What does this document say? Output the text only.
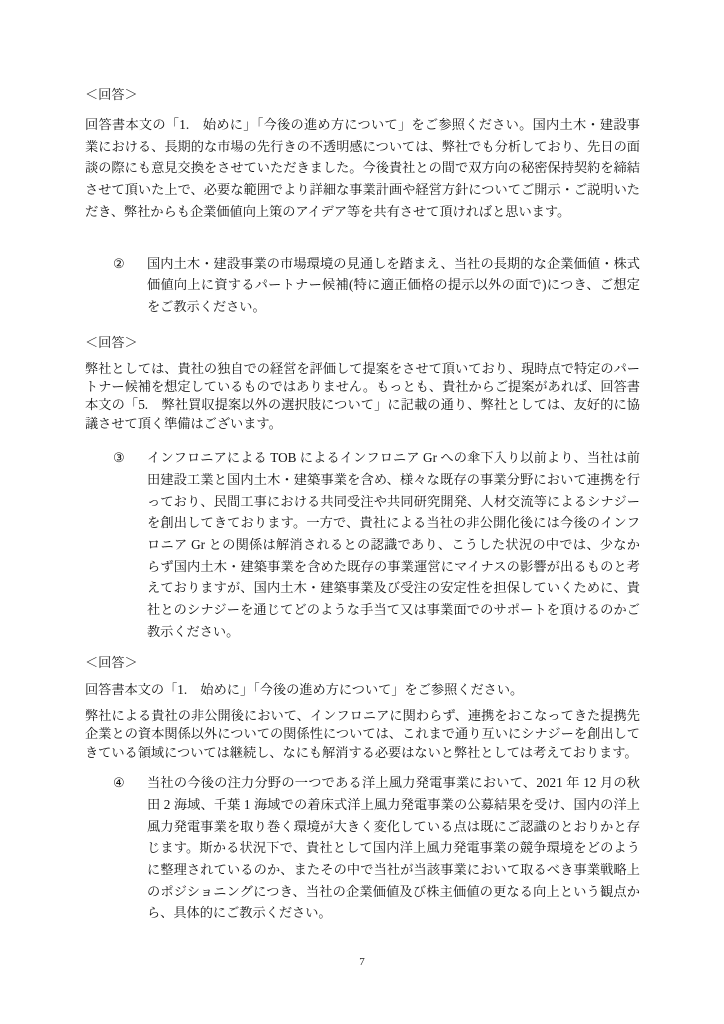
＜回答＞

回答書本文の「1.　始めに」「今後の進め方について」をご参照ください。国内土木・建設事業における、長期的な市場の先行きの不透明感については、弊社でも分析しており、先日の面談の際にも意見交換をさせていただきました。今後貴社との間で双方向の秘密保持契約を締結させて頂いた上で、必要な範囲でより詳細な事業計画や経営方針についてご開示・ご説明いただき、弊社からも企業価値向上策のアイデア等を共有させて頂ければと思います。

②	国内土木・建設事業の市場環境の見通しを踏まえ、当社の長期的な企業価値・株式価値向上に資するパートナー候補(特に適正価格の提示以外の面で)につき、ご想定をご教示ください。
＜回答＞

弊社としては、貴社の独自での経営を評価して提案をさせて頂いており、現時点で特定のパートナー候補を想定しているものではありません。もっとも、貴社からご提案があれば、回答書本文の「5.　弊社買収提案以外の選択肢について」に記載の通り、弊社としては、友好的に協議させて頂く準備はございます。

③	インフロニアによる TOB によるインフロニア Gr への傘下入り以前より、当社は前田建設工業と国内土木・建築事業を含め、様々な既存の事業分野において連携を行っており、民間工事における共同受注や共同研究開発、人材交流等によるシナジーを創出してきております。一方で、貴社による当社の非公開化後には今後のインフロニア Gr との関係は解消されるとの認識であり、こうした状況の中では、少なからず国内土木・建築事業を含めた既存の事業運営にマイナスの影響が出るものと考えておりますが、国内土木・建築事業及び受注の安定性を担保していくために、貴社とのシナジーを通じてどのような手当て又は事業面でのサポートを頂けるのかご教示ください。
＜回答＞

回答書本文の「1.　始めに」「今後の進め方について」をご参照ください。

弊社による貴社の非公開後において、インフロニアに関わらず、連携をおこなってきた提携先企業との資本関係以外についての関係性については、これまで通り互いにシナジーを創出してきている領域については継続し、なにも解消する必要はないと弊社としては考えております。

④	当社の今後の注力分野の一つである洋上風力発電事業において、2021 年 12 月の秋田 2 海域、千葉 1 海域での着床式洋上風力発電事業の公募結果を受け、国内の洋上風力発電事業を取り巻く環境が大きく変化している点は既にご認識のとおりかと存じます。斯かる状況下で、貴社として国内洋上風力発電事業の競争環境をどのように整理されているのか、またその中で当社が当該事業において取るべき事業戦略上のポジショニングにつき、当社の企業価値及び株主価値の更なる向上という観点から、具体的にご教示ください。
7
